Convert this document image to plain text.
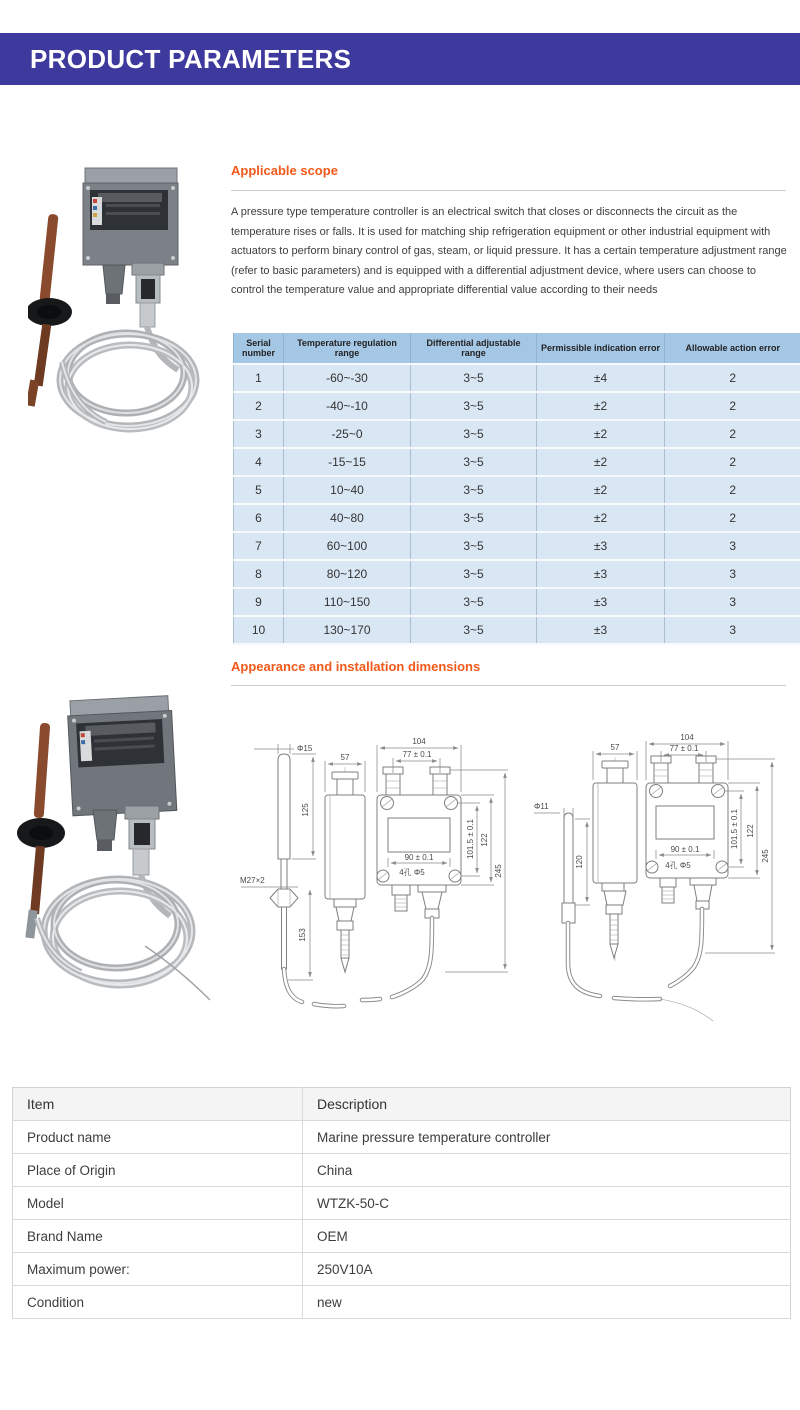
PRODUCT PARAMETERS
Applicable scope
A pressure type temperature controller is an electrical switch that closes or disconnects the circuit as the temperature rises or falls. It is used for matching ship refrigeration equipment or other industrial equipment with actuators to perform binary control of gas, steam, or liquid pressure. It has a certain temperature adjustment range (refer to basic parameters) and is equipped with a differential adjustment device, where users can choose to control the temperature value and appropriate differential value according to their needs
Serial number	Temperature regulation range	Differential adjustable range	Permissible indication error	Allowable action error
1	-60~-30	3~5	±4	2
2	-40~-10	3~5	±2	2
3	-25~0	3~5	±2	2
4	-15~15	3~5	±2	2
5	10~40	3~5	±2	2
6	40~80	3~5	±2	2
7	60~100	3~5	±3	3
8	80~120	3~5	±3	3
9	110~150	3~5	±3	3
10	130~170	3~5	±3	3
Appearance and installation dimensions
Φ15
125
M27×2
153
57
104
77 ± 0.1
90 ± 0.1
4孔 Φ5
101.5 ± 0.1 122
245
Φ11
120
57
104
77 ± 0.1
90 ± 0.1
4孔 Φ5
101.5 ± 0.1 122
245
Item	Description
Product name	Marine pressure temperature controller
Place of Origin	China
Model	WTZK-50-C
Brand Name	OEM
Maximum power:	250V10A
Condition	new
